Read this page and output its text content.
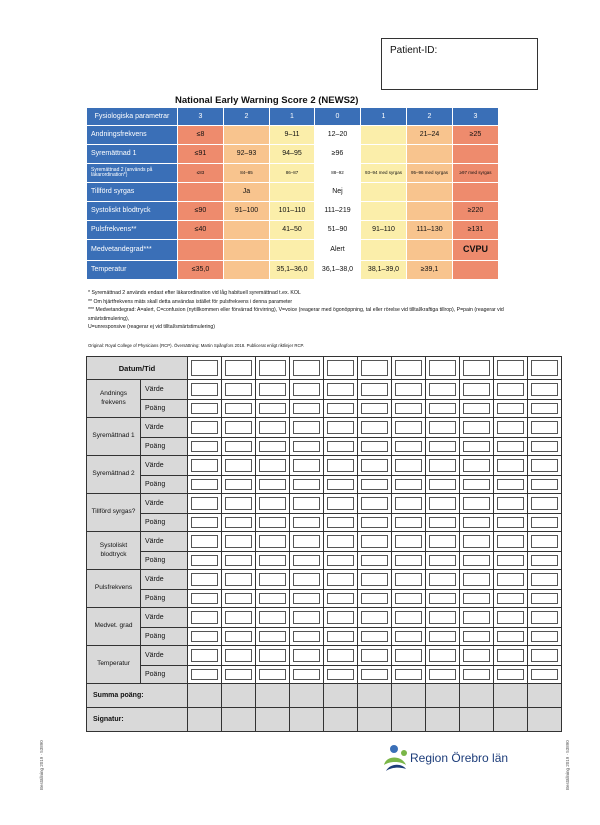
Patient-ID:
National Early Warning Score 2 (NEWS2)
Fysiologiska parametrar	3	2	1	0	1	2	3
Andningsfrekvens	≤8		9–11	12–20		21–24	≥25
Syremättnad 1	≤91	92–93	94–95	≥96			
Syremättnad 2 (används på läkarordination*)	≤83	84–85	86–87	88–92	93–94 med syrgas	95–96 med syrgas	≥97 med syrgas
Tillförd syrgas		Ja		Nej			
Systoliskt blodtryck	≤90	91–100	101–110	111–219			≥220
Pulsfrekvens**	≤40		41–50	51–90	91–110	111–130	≥131
Medvetandegrad***				Alert			CVPU
Temperatur	≤35,0		35,1–36,0	36,1–38,0	38,1–39,0	≥39,1	
* Syremättnad 2 används endast efter läkarordination vid låg habituell syremättnad t.ex. KOL
** Om hjärtfrekvens mäts skall detta användas istället för pulsfrekvens i denna parameter
*** Medvetandegrad: A=alert, C=confusion (nytillkommen eller förvärrad förvirring), V=voice (reagerar med ögonöppning, tal eller rörelse vid tilltal/kraftiga tillrop), P=pain (reagerar vid smärtstimulering),
U=unresponsive (reagerar ej vid tilltal/smärtstimulering)
Original: Royal College of Physicians (RCP). Översättning: Martin Spångfors 2018. Publicerat enligt riktlinjer RCP.
Datum/Tid												
Andnings frekvens	Värde											
	Poäng											
Syremättnad 1	Värde											
	Poäng											
Syremättnad 2	Värde											
	Poäng											
Tillförd syrgas?	Värde											
	Poäng											
Systoliskt blodtryck	Värde											
	Poäng											
Pulsfrekvens	Värde											
	Poäng											
Medvet. grad	Värde											
	Poäng											
Temperatur	Värde											
	Poäng											
Summa poäng:												
Signatur:												
Beställning 2019 · 53890	Beställning 2019 · 53890
Region Örebro län
